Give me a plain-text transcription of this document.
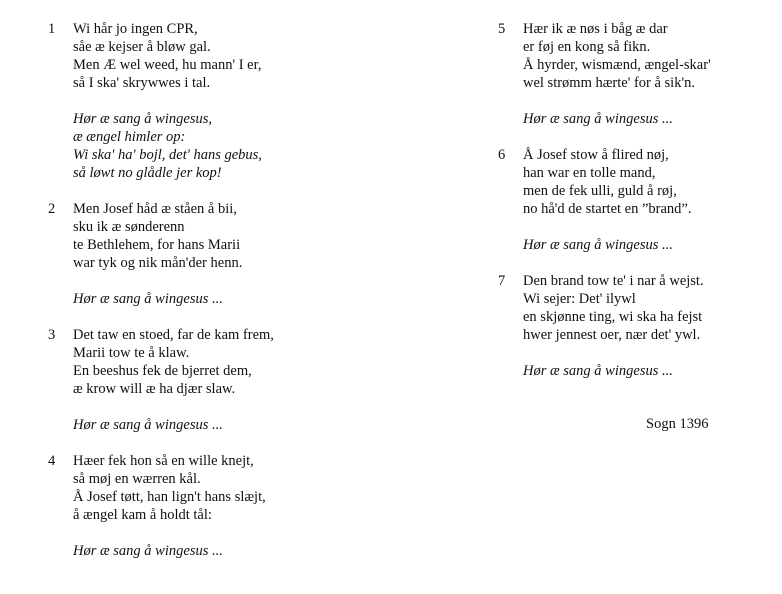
1 Wi hår jo ingen CPR,
såe æ kejser å bløw gal.
Men Æ wel weed, hu mann' I er,
så I ska' skrywwes i tal.
Hør æ sang å wingesus,
æ ængel himler op:
Wi ska' ha' bojl, det' hans gebus,
så løwt no glådle jer kop!
2 Men Josef håd æ ståen å bii,
sku ik æ sønderenn
te Bethlehem, for hans Marii
war tyk og nik mån'der henn.
Hør æ sang å wingesus ...
3 Det taw en stoed, far de kam frem,
Marii tow te å klaw.
En beeshus fek de bjerret dem,
æ krow will æ ha djær slaw.
Hør æ sang å wingesus ...
4 Hæer fek hon så en wille knejt,
så møj en wærren kål.
Å Josef tøtt, han lign't hans slæjt,
å ængel kam å holdt tål:
Hør æ sang å wingesus ...
5 Hær ik æ nøs i båg æ dar
er føj en kong så fikn.
Å hyrder, wismænd, ængel-skar'
wel strømm hærte' for å sik'n.
Hør æ sang å wingesus ...
6 Å Josef stow å flired nøj,
han war en tolle mand,
men de fek ulli, guld å røj,
no hå'd de startet en ”brand”.
Hør æ sang å wingesus ...
7 Den brand tow te' i nar å wejst.
Wi sejer: Det' ilywl
en skjønne ting, wi ska ha fejst
hwer jennest oer, nær det' ywl.
Hør æ sang å wingesus ...
Sogn 1396
